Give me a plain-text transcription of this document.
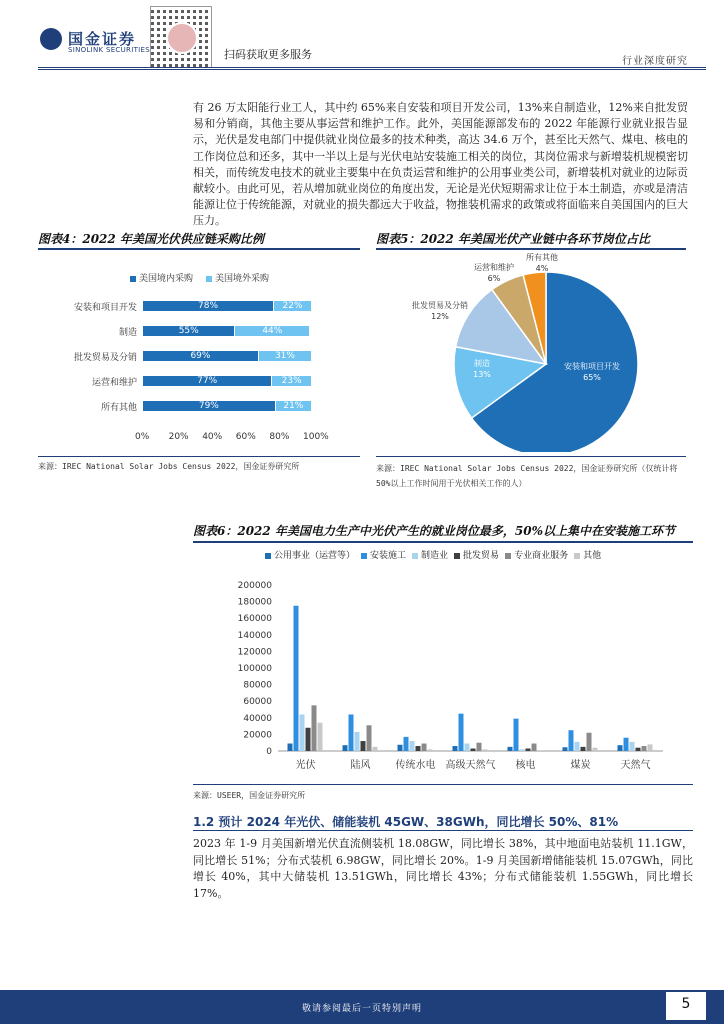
国金证券
SINOLINK SECURITIES	扫码获取更多服务
行业深度研究
有 26 万太阳能行业工人，其中约 65%来自安装和项目开发公司，13%来自制造业，12%来自批发贸易和分销商，其他主要从事运营和维护工作。此外，美国能源部发布的 2022 年能源行业就业报告显示，光伏是发电部门中提供就业岗位最多的技术种类，高达 34.6 万个，甚至比天然气、煤电、核电的工作岗位总和还多，其中一半以上是与光伏电站安装施工相关的岗位，其岗位需求与新增装机规模密切相关，而传统发电技术的就业主要集中在负责运营和维护的公用事业类公司，新增装机对就业的边际贡献较小。由此可见，若从增加就业岗位的角度出发，无论是光伏短期需求让位于本土制造，亦或是清洁能源让位于传统能源，对就业的损失都远大于收益，物推装机需求的政策或将面临来自美国国内的巨大压力。
图表4：2022 年美国光伏供应链采购比例
美国境内采购	美国境外采购
安装和项目开发	78%	22%
制造	55%	44%
批发贸易及分销	69%	31%
运营和维护	77%	23%
所有其他	79%	21%
0% 20% 40% 60% 80% 100%
来源：IREC National Solar Jobs Census 2022，国金证券研究所
图表5：2022 年美国光伏产业链中各环节岗位占比
安装和项目开发
65%
制造
13%
批发贸易及分销
12%
运营和维护
6%
所有其他
4%
来源：IREC National Solar Jobs Census 2022，国金证券研究所（仅统计将 50%以上工作时间用于光伏相关工作的人）
图表6：2022 年美国电力生产中光伏产生的就业岗位最多，50%以上集中在安装施工环节
公用事业（运营等） 安装施工 制造业 批发贸易 专业商业服务 其他
0
20000
40000
60000
80000
100000
120000
140000
160000
180000
200000
光伏	陆风	传统水电 高级天然气 核电	煤炭	天然气
来源：USEER，国金证券研究所
1.2 预计 2024 年光伏、储能装机 45GW、38GWh，同比增长 50%、81%
2023 年 1-9 月美国新增光伏直流侧装机 18.08GW，同比增长 38%，其中地面电站装机 11.1GW，同比增长 51%；分布式装机 6.98GW，同比增长 20%。1-9 月美国新增储能装机 15.07GWh，同比增长 40%，其中大储装机 13.51GWh，同比增长 43%；分布式储能装机 1.55GWh，同比增长 17%。
敬请参阅最后一页特别声明	5
